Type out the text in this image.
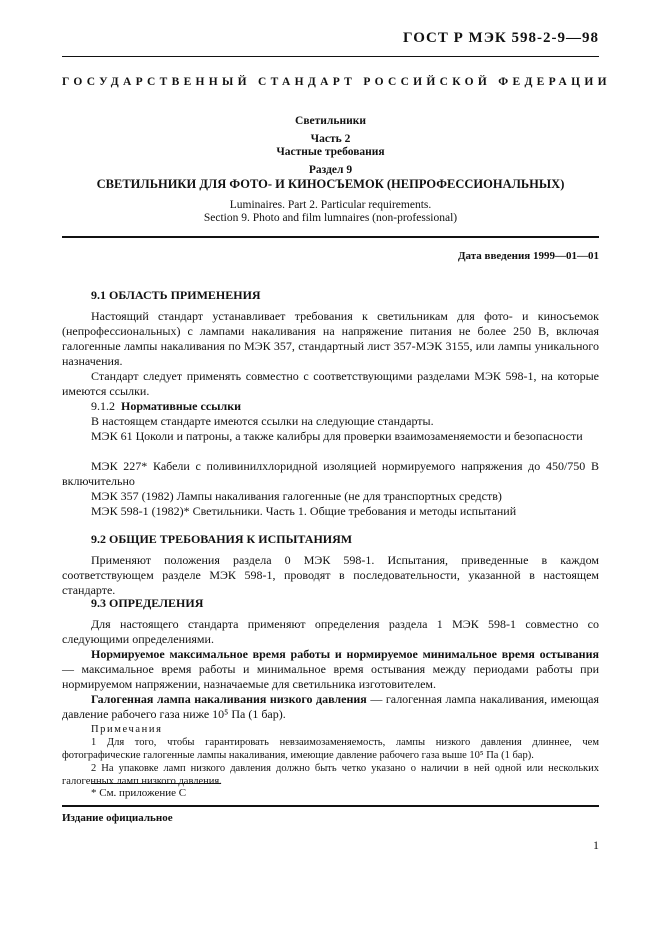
ГОСТ Р МЭК 598-2-9—98
ГОСУДАРСТВЕННЫЙ СТАНДАРТ РОССИЙСКОЙ ФЕДЕРАЦИИ
Светильники
Часть 2
Частные требования
Раздел 9
СВЕТИЛЬНИКИ ДЛЯ ФОТО- И КИНОСЪЕМОК (НЕПРОФЕССИОНАЛЬНЫХ)
Luminaires. Part 2. Particular requirements.
Section 9. Photo and film lumnaires (non-professional)
Дата введения 1999—01—01
9.1 ОБЛАСТЬ ПРИМЕНЕНИЯ
Настоящий стандарт устанавливает требования к светильникам для фото- и киносъемок (непрофессиональных) с лампами накаливания на напряжение питания не более 250 В, включая галогенные лампы накаливания по МЭК 357, стандартный лист 357-МЭК 3155, или лампы уникального назначения.
Стандарт следует применять совместно с соответствующими разделами МЭК 598-1, на которые имеются ссылки.
9.1.2 Нормативные ссылки
В настоящем стандарте имеются ссылки на следующие стандарты.
МЭК 61 Цоколи и патроны, а также калибры для проверки взаимозаменяемости и безопасности
МЭК 227* Кабели с поливинилхлоридной изоляцией нормируемого напряжения до 450/750 В включительно
МЭК 357 (1982) Лампы накаливания галогенные (не для транспортных средств)
МЭК 598-1 (1982)* Светильники. Часть 1. Общие требования и методы испытаний
9.2 ОБЩИЕ ТРЕБОВАНИЯ К ИСПЫТАНИЯМ
Применяют положения раздела 0 МЭК 598-1. Испытания, приведенные в каждом соответствующем разделе МЭК 598-1, проводят в последовательности, указанной в настоящем стандарте.
9.3 ОПРЕДЕЛЕНИЯ
Для настоящего стандарта применяют определения раздела 1 МЭК 598-1 совместно со следующими определениями.
Нормируемое максимальное время работы и нормируемое минимальное время остывания — максимальное время работы и минимальное время остывания между периодами работы при нормируемом напряжении, назначаемые для светильника изготовителем.
Галогенная лампа накаливания низкого давления — галогенная лампа накаливания, имеющая давление рабочего газа ниже 10⁵ Па (1 бар).
Примечания
1 Для того, чтобы гарантировать невзаимозаменяемость, лампы низкого давления длиннее, чем фотографические галогенные лампы накаливания, имеющие давление рабочего газа выше 10⁵ Па (1 бар).
2 На упаковке ламп низкого давления должно быть четко указано о наличии в ней одной или нескольких галогенных ламп низкого давления.
* См. приложение С
Издание официальное
1
